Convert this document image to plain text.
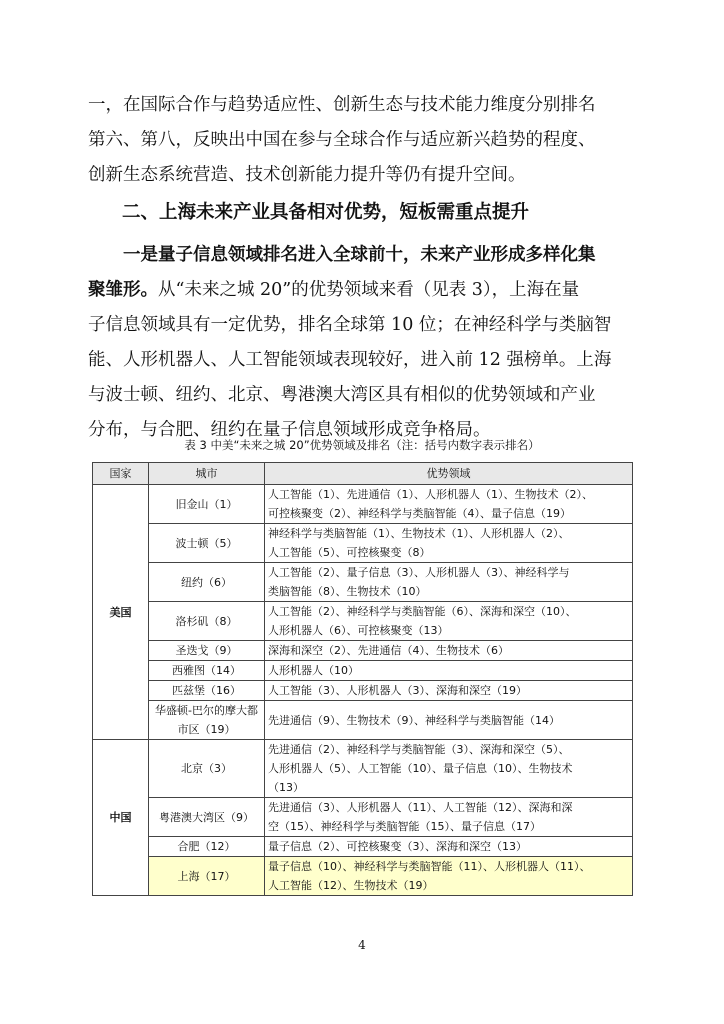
一，在国际合作与趋势适应性、创新生态与技术能力维度分别排名
第六、第八，反映出中国在参与全球合作与适应新兴趋势的程度、
创新生态系统营造、技术创新能力提升等仍有提升空间。
二、上海未来产业具备相对优势，短板需重点提升
一是量子信息领域排名进入全球前十，未来产业形成多样化集
聚雏形。从“未来之城 20”的优势领域来看（见表 3），上海在量
子信息领域具有一定优势，排名全球第 10 位；在神经科学与类脑智
能、人形机器人、人工智能领域表现较好，进入前 12 强榜单。上海
与波士顿、纽约、北京、粤港澳大湾区具有相似的优势领域和产业
分布，与合肥、纽约在量子信息领域形成竞争格局。
表 3 中美“未来之城 20”优势领域及排名（注：括号内数字表示排名）
国家	城市	优势领域
美国	旧金山（1）	人工智能（1）、先进通信（1）、人形机器人（1）、生物技术（2）、
可控核聚变（2）、神经科学与类脑智能（4）、量子信息（19）

	波士顿（5）	神经科学与类脑智能（1）、生物技术（1）、人形机器人（2）、
人工智能（5）、可控核聚变（8）

	纽约（6）	人工智能（2）、量子信息（3）、人形机器人（3）、神经科学与
类脑智能（8）、生物技术（10）

	洛杉矶（8）	人工智能（2）、神经科学与类脑智能（6）、深海和深空（10）、
人形机器人（6）、可控核聚变（13）

	圣迭戈（9）	深海和深空（2）、先进通信（4）、生物技术（6）

	西雅图（14）	人形机器人（10）

	匹兹堡（16）	人工智能（3）、人形机器人（3）、深海和深空（19）

	华盛顿-巴尔的摩大都市区（19）	先进通信（9）、生物技术（9）、神经科学与类脑智能（14）

中国	北京（3）	先进通信（2）、神经科学与类脑智能（3）、深海和深空（5）、
人形机器人（5）、人工智能（10）、量子信息（10）、生物技术
（13）

	粤港澳大湾区（9）	先进通信（3）、人形机器人（11）、人工智能（12）、深海和深
空（15）、神经科学与类脑智能（15）、量子信息（17）

	合肥（12）	量子信息（2）、可控核聚变（3）、深海和深空（13）

	上海（17）	量子信息（10）、神经科学与类脑智能（11）、人形机器人（11）、
人工智能（12）、生物技术（19）
4
